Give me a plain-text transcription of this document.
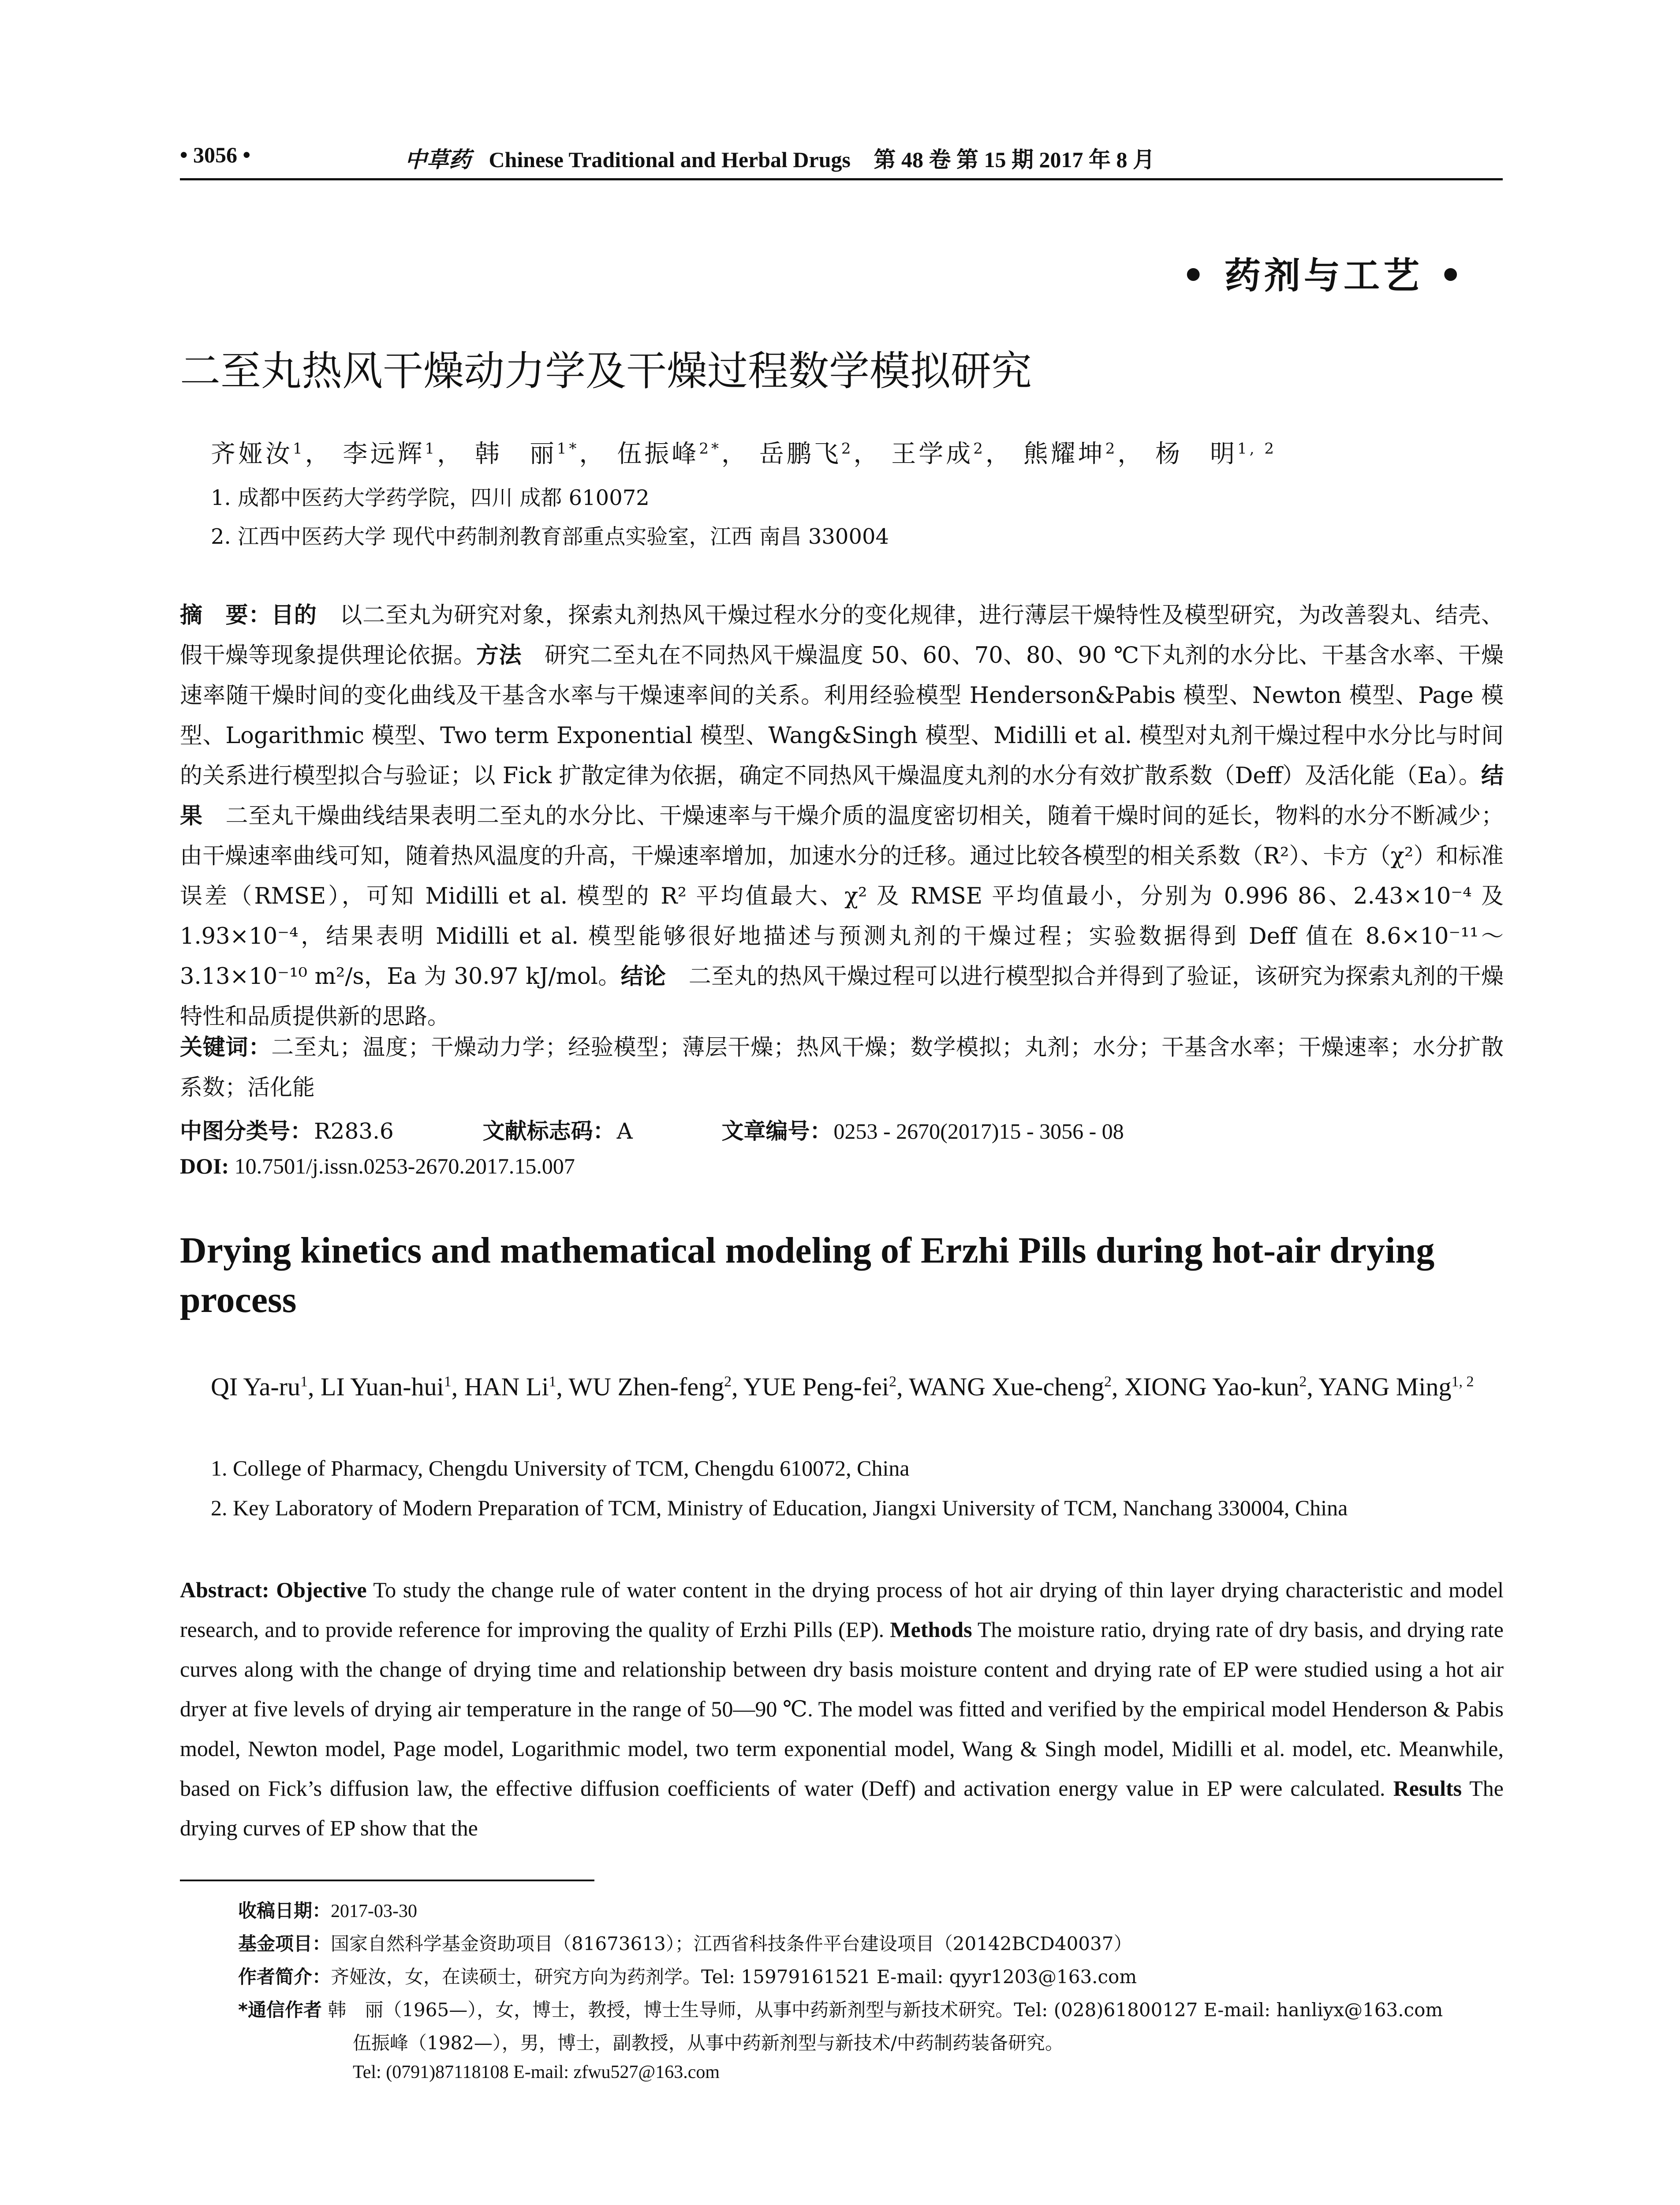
• 3056 •	中草药 Chinese Traditional and Herbal Drugs 第 48 卷 第 15 期 2017 年 8 月
• 药剂与工艺 •
二至丸热风干燥动力学及干燥过程数学模拟研究
齐娅汝$^1$， 李远辉$^1$， 韩　丽$^{1*}$， 伍振峰$^{2*}$， 岳鹏飞$^2$， 王学成$^2$， 熊耀坤$^2$， 杨　明$^{1, 2}$
1. 成都中医药大学药学院，四川 成都 610072
2. 江西中医药大学 现代中药制剂教育部重点实验室，江西 南昌 330004
摘　要：目的　以二至丸为研究对象，探索丸剂热风干燥过程水分的变化规律，进行薄层干燥特性及模型研究，为改善裂丸、结壳、假干燥等现象提供理论依据。方法　研究二至丸在不同热风干燥温度 50、60、70、80、90 ℃下丸剂的水分比、干基含水率、干燥速率随干燥时间的变化曲线及干基含水率与干燥速率间的关系。利用经验模型 Henderson&Pabis 模型、Newton 模型、Page 模型、Logarithmic 模型、Two term Exponential 模型、Wang&Singh 模型、Midilli et al. 模型对丸剂干燥过程中水分比与时间的关系进行模型拟合与验证；以 Fick 扩散定律为依据，确定不同热风干燥温度丸剂的水分有效扩散系数（Deff）及活化能（Ea）。结果　二至丸干燥曲线结果表明二至丸的水分比、干燥速率与干燥介质的温度密切相关，随着干燥时间的延长，物料的水分不断减少；由干燥速率曲线可知，随着热风温度的升高，干燥速率增加，加速水分的迁移。通过比较各模型的相关系数（R²）、卡方（χ²）和标准误差（RMSE），可知 Midilli et al. 模型的 R² 平均值最大、χ² 及 RMSE 平均值最小，分别为 0.996 86、2.43×10⁻⁴ 及 1.93×10⁻⁴，结果表明 Midilli et al. 模型能够很好地描述与预测丸剂的干燥过程；实验数据得到 Deff 值在 8.6×10⁻¹¹～3.13×10⁻¹⁰ m²/s，Ea 为 30.97 kJ/mol。结论　二至丸的热风干燥过程可以进行模型拟合并得到了验证，该研究为探索丸剂的干燥特性和品质提供新的思路。
关键词：二至丸；温度；干燥动力学；经验模型；薄层干燥；热风干燥；数学模拟；丸剂；水分；干基含水率；干燥速率；水分扩散系数；活化能
中图分类号：R283.6	文献标志码：A	文章编号：0253 - 2670(2017)15 - 3056 - 08
DOI: 10.7501/j.issn.0253-2670.2017.15.007
Drying kinetics and mathematical modeling of Erzhi Pills during hot-air drying process
QI $Ya-ru^1$, LI Yuan-hui$^1$, HAN Li$^1$, WU Zhen-feng$^2$, YUE Peng-fei$^2$, WANG Xue-cheng$^2$, XIONG Yao-kun$^2$, YANG Ming$^{1, 2}$
1. College of Pharmacy, Chengdu University of TCM, Chengdu 610072, China
2. Key Laboratory of Modern Preparation of TCM, Ministry of Education, Jiangxi University of TCM, Nanchang 330004, China
Abstract: Objective To study the change rule of water content in the drying process of hot air drying of thin layer drying characteristic and model research, and to provide reference for improving the quality of Erzhi Pills (EP). Methods The moisture ratio, drying rate of dry basis, and drying rate curves along with the change of drying time and relationship between dry basis moisture content and drying rate of EP were studied using a hot air dryer at five levels of drying air temperature in the range of 50—90 ℃. The model was fitted and verified by the empirical model Henderson & Pabis model, Newton model, Page model, Logarithmic model, two term exponential model, Wang & Singh model, Midilli et al. model, etc. Meanwhile, based on Fick’s diffusion law, the effective diffusion coefficients of water (Deff) and activation energy value in EP were calculated. Results The drying curves of EP show that the
收稿日期：2017-03-30
基金项目：国家自然科学基金资助项目（81673613）；江西省科技条件平台建设项目（20142BCD40037）
作者简介：齐娅汝，女，在读硕士，研究方向为药剂学。Tel: 15979161521 E-mail: qyyr1203@163.com
*通信作者 韩　丽（1965—），女，博士，教授，博士生导师，从事中药新剂型与新技术研究。Tel: (028)61800127 E-mail: hanliyx@163.com
伍振峰（1982—），男，博士，副教授，从事中药新剂型与新技术/中药制药装备研究。
Tel: (0791)87118108 E-mail: zfwu527@163.com
